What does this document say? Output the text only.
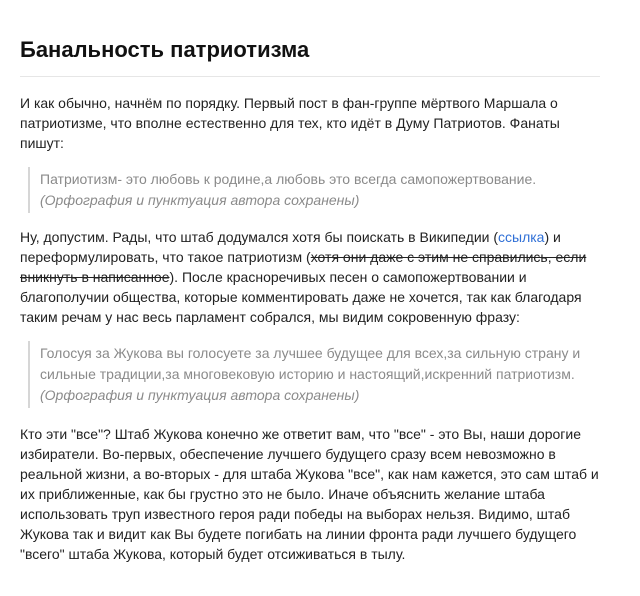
Банальность патриотизма

И как обычно, начнём по порядку. Первый пост в фан-группе мёртвого Маршала о патриотизме, что вполне естественно для тех, кто идёт в Думу Патриотов. Фанаты пишут:

Патриотизм- это любовь к родине,а любовь это всегда самопожертвование.
(Орфография и пунктуация автора сохранены)

Ну, допустим. Рады, что штаб додумался хотя бы поискать в Википедии (ссылка) и переформулировать, что такое патриотизм (хотя они даже с этим не справились, если вникнуть в написанное). После красноречивых песен о самопожертвовании и благополучии общества, которые комментировать даже не хочется, так как благодаря таким речам у нас весь парламент собрался, мы видим сокровенную фразу:

Голосуя за Жукова вы голосуете за лучшее будущее для всех,за сильную страну и сильные традиции,за многовековую историю и настоящий,искренний патриотизм. (Орфография и пунктуация автора сохранены)

Кто эти "все"? Штаб Жукова конечно же ответит вам, что "все" - это Вы, наши дорогие избиратели. Во-первых, обеспечение лучшего будущего сразу всем невозможно в реальной жизни, а во-вторых - для штаба Жукова "все", как нам кажется, это сам штаб и их приближенные, как бы грустно это не было. Иначе объяснить желание штаба использовать труп известного героя ради победы на выборах нельзя. Видимо, штаб Жукова так и видит как Вы будете погибать на линии фронта ради лучшего будущего "всего" штаба Жукова, который будет отсиживаться в тылу.
